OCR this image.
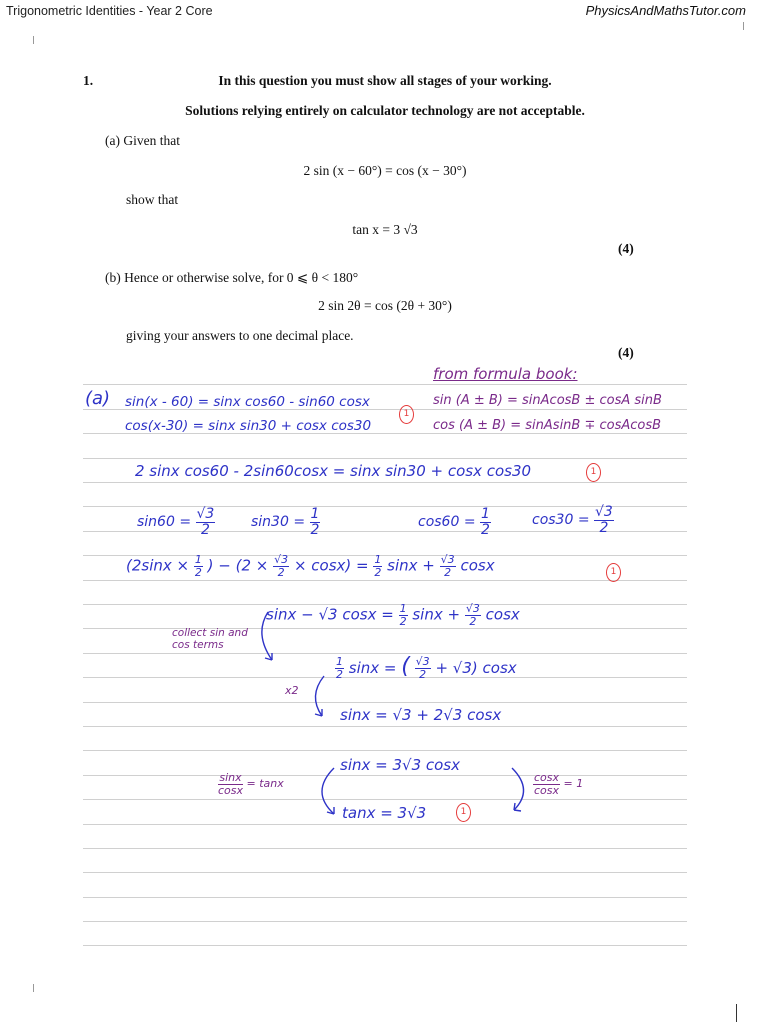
Trigonometric Identities - Year 2 Core	PhysicsAndMathsTutor.com
1.	In this question you must show all stages of your working.
Solutions relying entirely on calculator technology are not acceptable.
(a) Given that
2 sin (x − 60°) = cos (x − 30°)
show that
tan x = 3 √3
(4)
(b) Hence or otherwise solve, for 0 ⩽ θ < 180°
2 sin 2θ = cos (2θ + 30°)
giving your answers to one decimal place.
(4)
from formula book:
sin (A ± B) = sinAcosB ± cosA sinB
cos (A ± B) = sinAsinB ∓ cosAcosB
(a) sin(x - 60) = sinx cos60 - sin60 cosx
1
cos(x-30) = sinx sin30 + cosx cos30
2 sinx cos60 - 2sin60cosx = sinx sin30 + cosx cos30	1
$\sin 60 = \frac{√3}{2}$	$\sin 30 = \frac{1}{2}$	$\cos 60 = \frac{1}{2}$	$\cos 30 = \frac{√3}{2}$
($2\sin x \times \frac{1}{2}$ ) − $(2 \times \frac{√3}{2} \times \cos x) = \frac{1}{2}$ $\sin x + \frac{√3}{2}$ cosx	1
sinx − √3 $\cos x = \frac{1}{2}$ $\sin x + \frac{√3}{2}$ cosx
collect sin and cos terms
$\frac{1}{2}$ sinx = ( $\frac{√3}{2} + √3$) cosx
x2
sinx = √3 + 2√3 cosx
sinx = 3√3 cosx
$\frac{\sin x}{\cos x} = \tan x$	$\frac{\cos x}{\cos x} = 1$
tanx = 3√3	1
